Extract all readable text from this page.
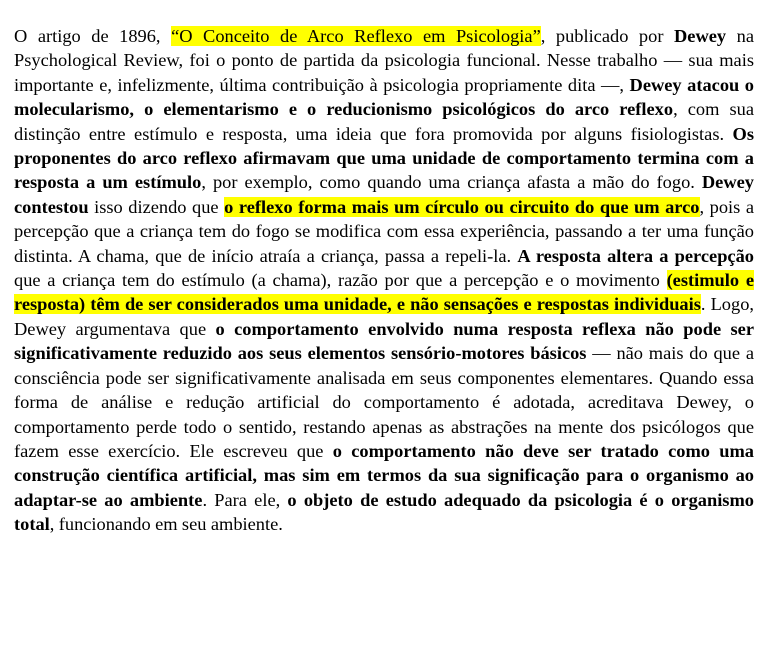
O artigo de 1896, “O Conceito de Arco Reflexo em Psicologia”, publicado por Dewey na Psychological Review, foi o ponto de partida da psicologia funcional. Nesse trabalho — sua mais importante e, infelizmente, última contribuição à psicologia propriamente dita —, Dewey atacou o molecularismo, o elementarismo e o reducionismo psicológicos do arco reflexo, com sua distinção entre estímulo e resposta, uma ideia que fora promovida por alguns fisiologistas. Os proponentes do arco reflexo afirmavam que uma unidade de comportamento termina com a resposta a um estímulo, por exemplo, como quando uma criança afasta a mão do fogo. Dewey contestou isso dizendo que o reflexo forma mais um círculo ou circuito do que um arco, pois a percepção que a criança tem do fogo se modifica com essa experiência, passando a ter uma função distinta. A chama, que de início atraía a criança, passa a repeli-la. A resposta altera a percepção que a criança tem do estímulo (a chama), razão por que a percepção e o movimento (estimulo e resposta) têm de ser considerados uma unidade, e não sensações e respostas individuais. Logo, Dewey argumentava que o comportamento envolvido numa resposta reflexa não pode ser significativamente reduzido aos seus elementos sensório-motores básicos — não mais do que a consciência pode ser significativamente analisada em seus componentes elementares. Quando essa forma de análise e redução artificial do comportamento é adotada, acreditava Dewey, o comportamento perde todo o sentido, restando apenas as abstrações na mente dos psicólogos que fazem esse exercício. Ele escreveu que o comportamento não deve ser tratado como uma construção científica artificial, mas sim em termos da sua significação para o organismo ao adaptar-se ao ambiente. Para ele, o objeto de estudo adequado da psicologia é o organismo total, funcionando em seu ambiente.
